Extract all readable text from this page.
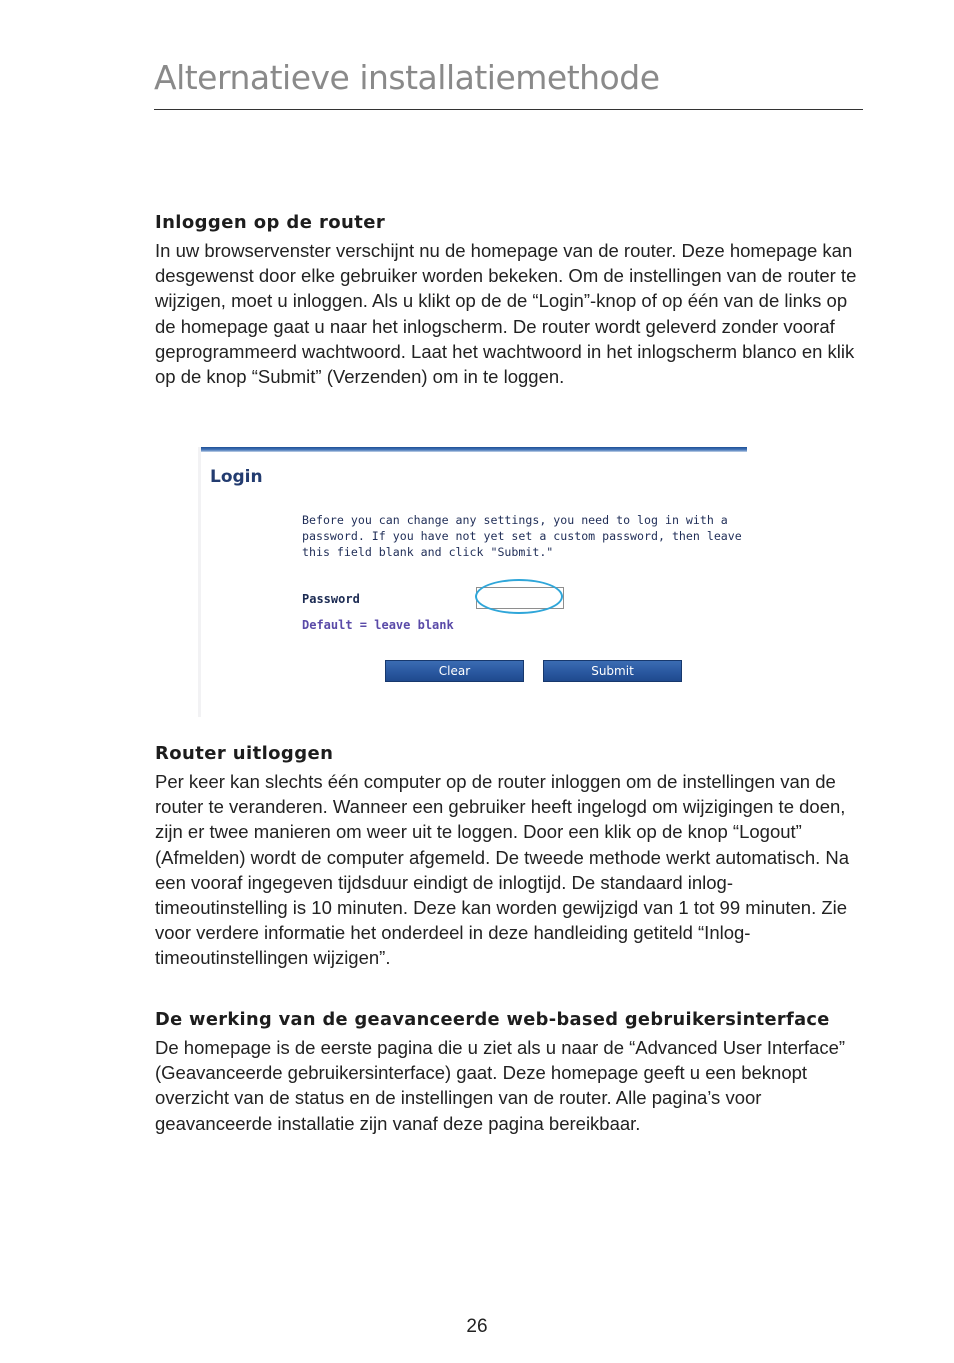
Alternatieve installatiemethode
Inloggen op de router

In uw browservenster verschijnt nu de homepage van de router. Deze homepage kan desgewenst door elke gebruiker worden bekeken. Om de instellingen van de router te wijzigen, moet u inloggen. Als u klikt op de de “Login”-knop of op één van de links op de homepage gaat u naar het inlogscherm. De router wordt geleverd zonder vooraf geprogrammeerd wachtwoord. Laat het wachtwoord in het inlogscherm blanco en klik op de knop “Submit” (Verzenden) om in te loggen.

Login
Before you can change any settings, you need to log in with a password. If you have not yet set a custom password, then leave this field blank and click "Submit."
Password
Default = leave blank
Clear	Submit
Router uitloggen

Per keer kan slechts één computer op de router inloggen om de instellingen van de router te veranderen. Wanneer een gebruiker heeft ingelogd om wijzigingen te doen, zijn er twee manieren om weer uit te loggen. Door een klik op de knop “Logout” (Afmelden) wordt de computer afgemeld. De tweede methode werkt automatisch. Na een vooraf ingegeven tijdsduur eindigt de inlogtijd. De standaard inlog-timeoutinstelling is 10 minuten. Deze kan worden gewijzigd van 1 tot 99 minuten. Zie voor verdere informatie het onderdeel in deze handleiding getiteld “Inlog-timeoutinstellingen wijzigen”.

De werking van de geavanceerde web-based gebruikersinterface

De homepage is de eerste pagina die u ziet als u naar de “Advanced User Interface” (Geavanceerde gebruikersinterface) gaat. Deze homepage geeft u een beknopt overzicht van de status en de instellingen van de router. Alle pagina’s voor geavanceerde installatie zijn vanaf deze pagina bereikbaar.

26
